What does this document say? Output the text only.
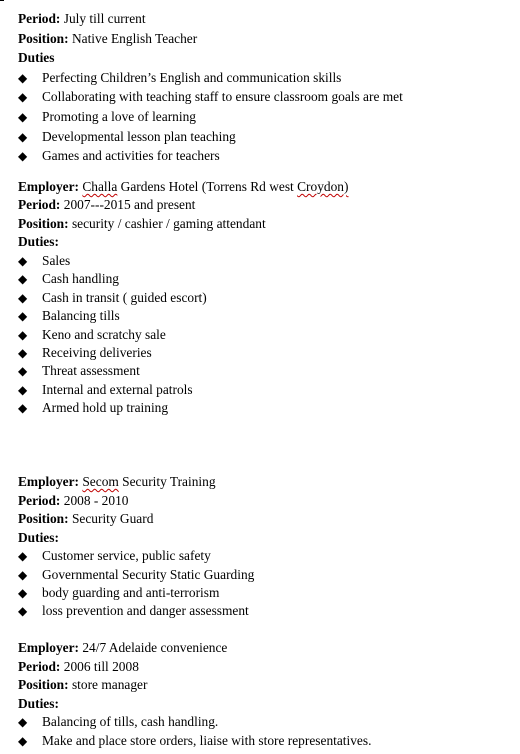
Period: July till current
Position: Native English Teacher
Duties
◆ Perfecting Children’s English and communication skills
◆ Collaborating with teaching staff to ensure classroom goals are met
◆ Promoting a love of learning
◆ Developmental lesson plan teaching
◆ Games and activities for teachers
Employer: Challa Gardens Hotel (Torrens Rd west Croydon)
Period: 2007---2015 and present
Position: security / cashier / gaming attendant
Duties:
◆ Sales
◆ Cash handling
◆ Cash in transit ( guided escort)
◆ Balancing tills
◆ Keno and scratchy sale
◆ Receiving deliveries
◆ Threat assessment
◆ Internal and external patrols
◆ Armed hold up training
Employer: Secom Security Training
Period: 2008 - 2010
Position: Security Guard
Duties:
◆ Customer service, public safety
◆ Governmental Security Static Guarding
◆ body guarding and anti-terrorism
◆ loss prevention and danger assessment
Employer: 24/7 Adelaide convenience
Period: 2006 till 2008
Position: store manager
Duties:
◆ Balancing of tills, cash handling.
◆ Make and place store orders, liaise with store representatives.
